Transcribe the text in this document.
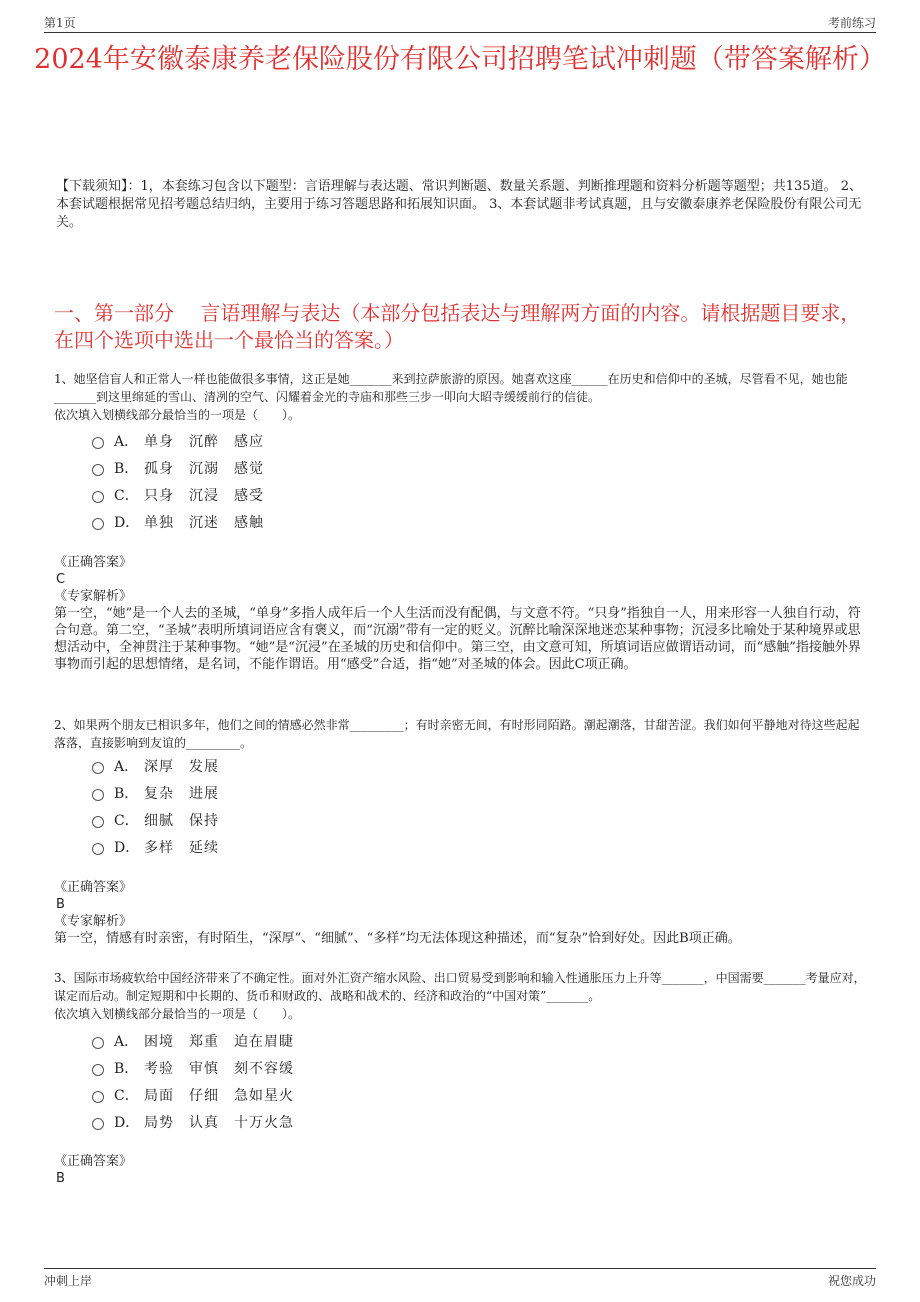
第1页	考前练习
2024年安徽泰康养老保险股份有限公司招聘笔试冲刺题（带答案解析）
【下载须知】：1，本套练习包含以下题型：言语理解与表达题、常识判断题、数量关系题、判断推理题和资料分析题等题型；共135道。 2、本套试题根据常见招考题总结归纳，主要用于练习答题思路和拓展知识面。 3、本套试题非考试真题，且与安徽泰康养老保险股份有限公司无关。
一、第一部分　 言语理解与表达（本部分包括表达与理解两方面的内容。请根据题目要求，在四个选项中选出一个最恰当的答案。）
1、她坚信盲人和正常人一样也能做很多事情，这正是她_______来到拉萨旅游的原因。她喜欢这座______在历史和信仰中的圣城，尽管看不见，她也能_______到这里绵延的雪山、清冽的空气、闪耀着金光的寺庙和那些三步一叩向大昭寺缓缓前行的信徒。
依次填入划横线部分最恰当的一项是（　　）。
A． 单身　沉醉　感应
B． 孤身　沉溺　感觉
C． 只身　沉浸　感受
D． 单独　沉迷　感触
《正确答案》
C
《专家解析》
第一空，“她”是一个人去的圣城，“单身”多指人成年后一个人生活而没有配偶，与文意不符。“只身”指独自一人，用来形容一人独自行动，符合句意。第二空，“圣城”表明所填词语应含有褒义，而“沉溺”带有一定的贬义。沉醉比喻深深地迷恋某种事物；沉浸多比喻处于某种境界或思想活动中，全神贯注于某种事物。“她”是“沉浸”在圣城的历史和信仰中。第三空，由文意可知，所填词语应做谓语动词，而“感触”指接触外界事物而引起的思想情绪，是名词，不能作谓语。用“感受”合适，指“她”对圣城的体会。因此C项正确。
2、如果两个朋友已相识多年，他们之间的情感必然非常_________；有时亲密无间，有时形同陌路。潮起潮落，甘甜苦涩。我们如何平静地对待这些起起落落，直接影响到友谊的_________。
A． 深厚　发展
B． 复杂　进展
C． 细腻　保持
D． 多样　延续
《正确答案》
B
《专家解析》
第一空，情感有时亲密，有时陌生，“深厚”、“细腻”、“多样”均无法体现这种描述，而“复杂”恰到好处。因此B项正确。
3、国际市场疲软给中国经济带来了不确定性。面对外汇资产缩水风险、出口贸易受到影响和输入性通胀压力上升等_______，中国需要_______考量应对，谋定而后动。制定短期和中长期的、货币和财政的、战略和战术的、经济和政治的“中国对策”_______。
依次填入划横线部分最恰当的一项是（　　）。
A． 困境　郑重　迫在眉睫
B． 考验　审慎　刻不容缓
C． 局面　仔细　急如星火
D． 局势　认真　十万火急
《正确答案》
B
冲刺上岸	祝您成功
